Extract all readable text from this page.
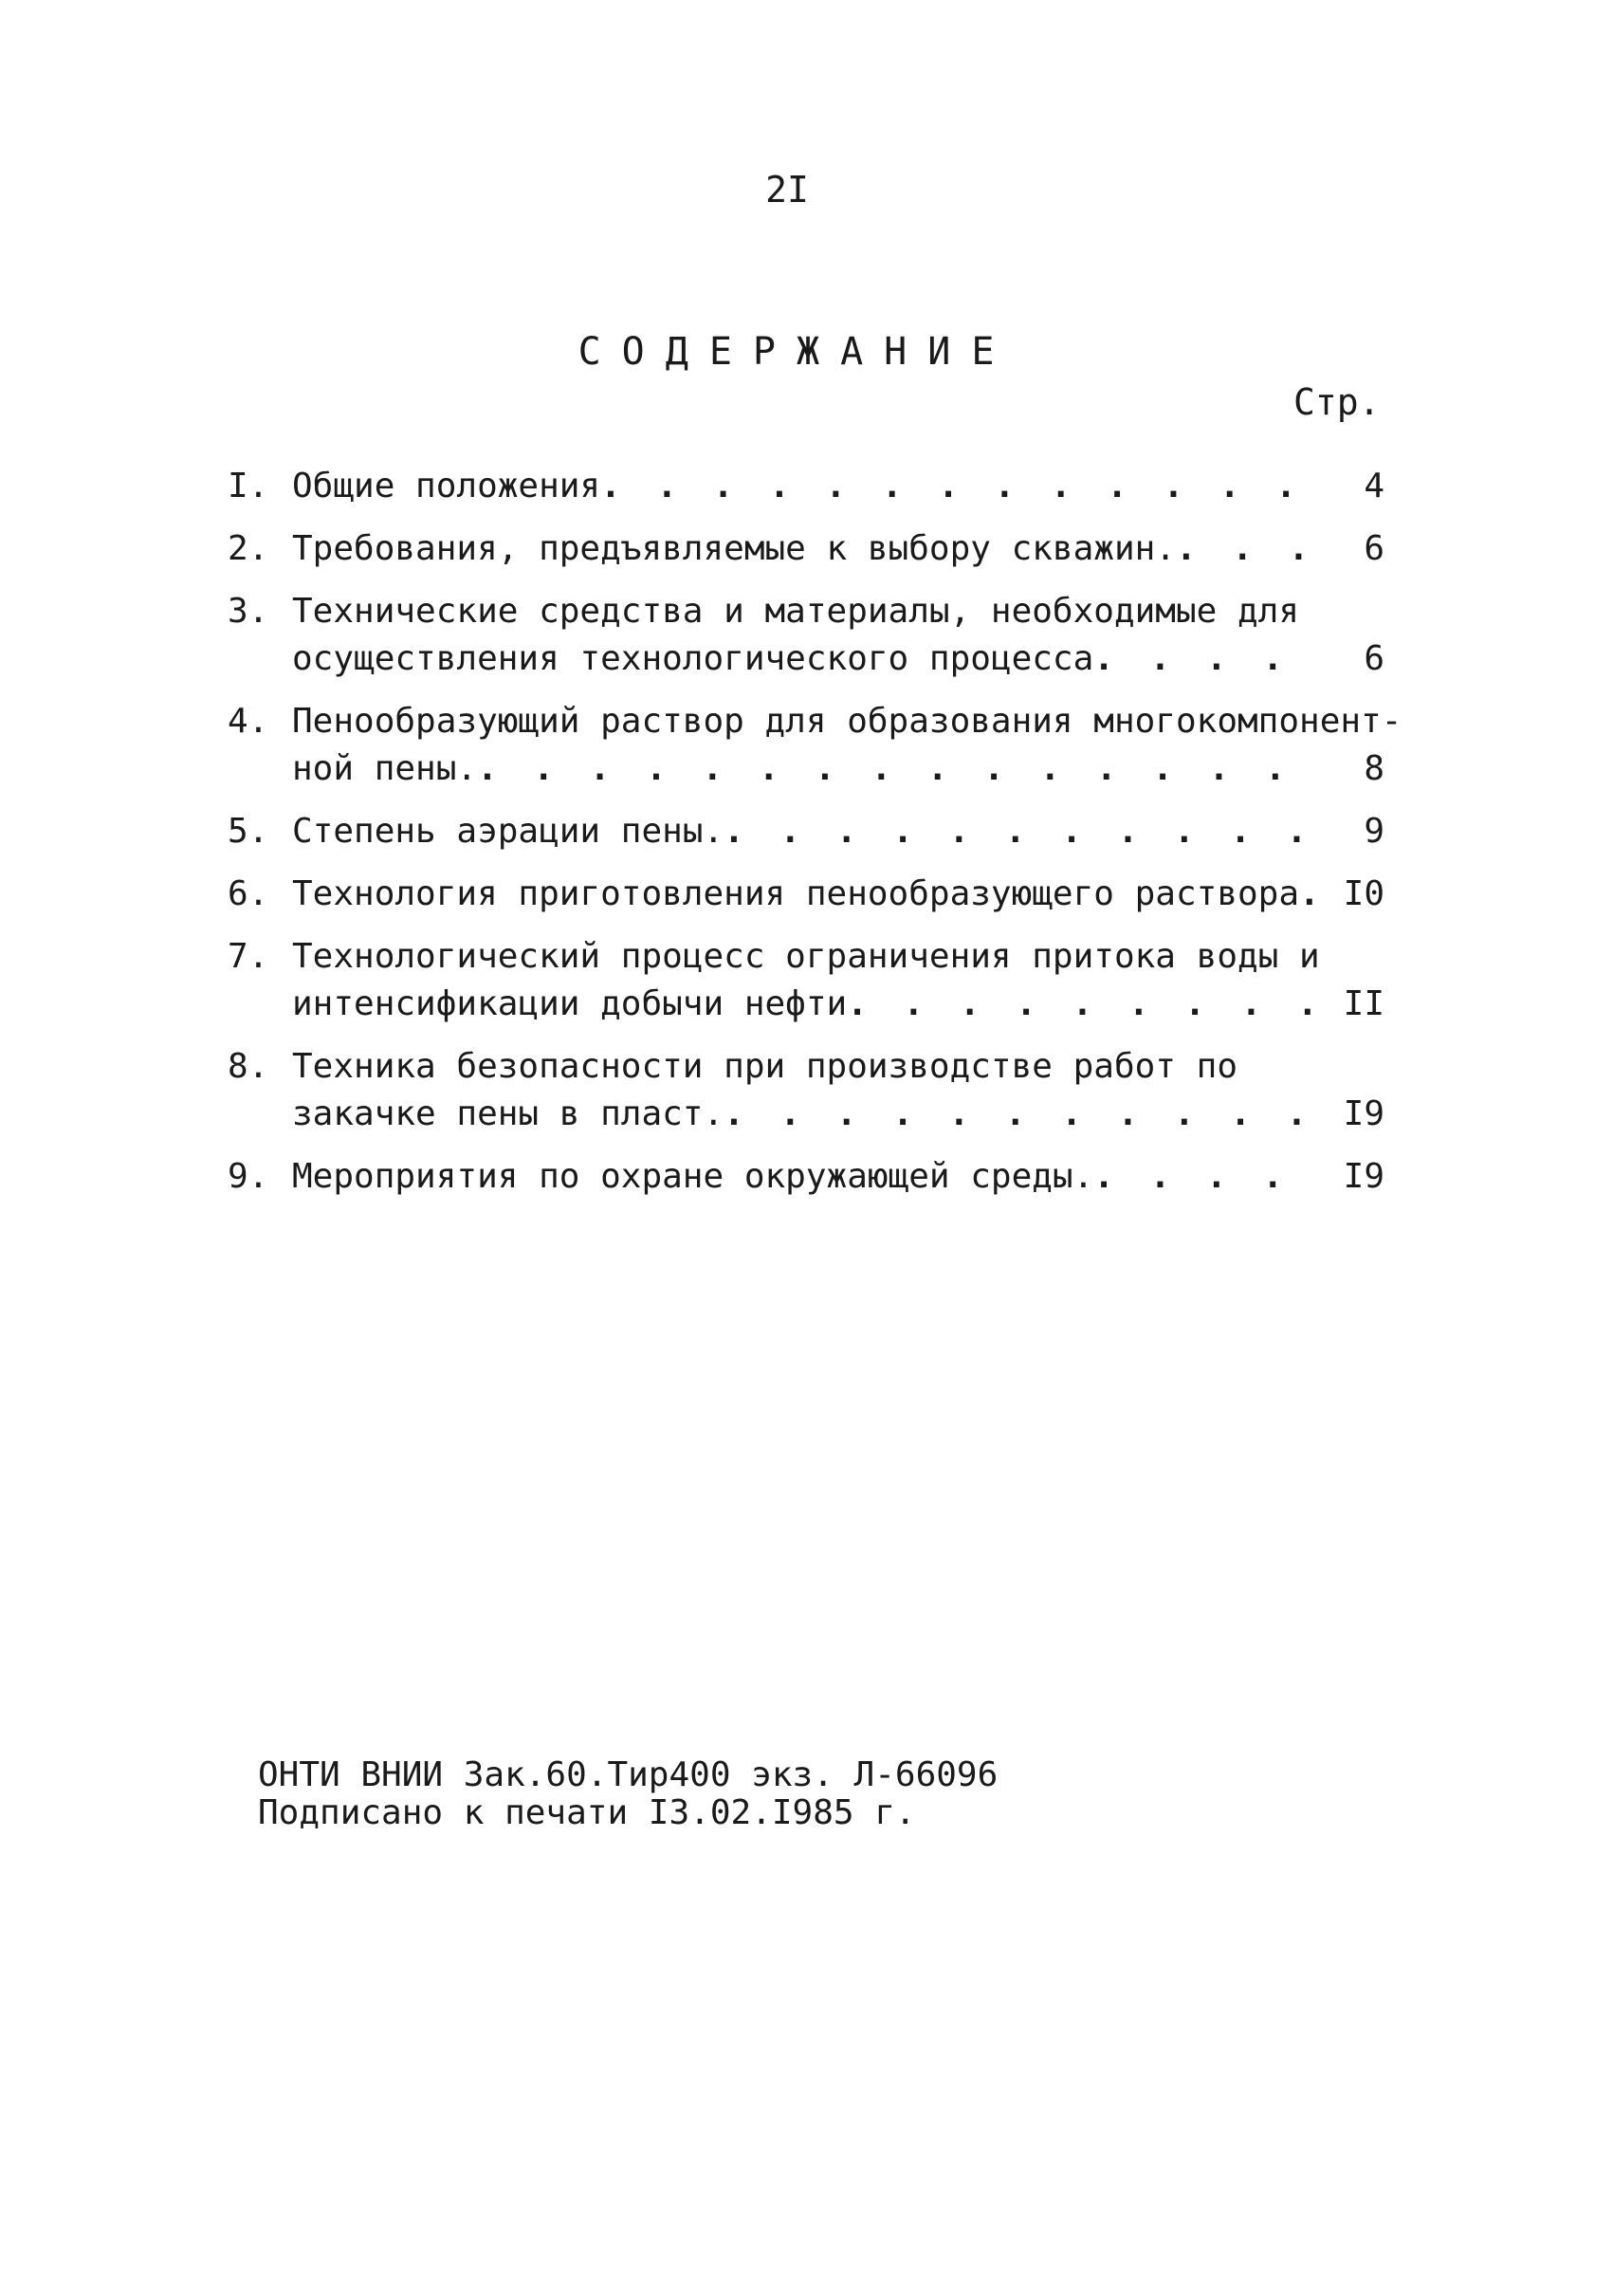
2I
СОДЕРЖАНИЕ
Стр.
I. Общие положения . . .	4
2. Требования, предъявляемые к выбору скважин. . . .	6
3. Технические средства и материалы, необходимые для
осуществления технологического процесса . . .	6
4. Пенообразующий раствор для образования многокомпонент-
ной пены. . . .	8
5. Степень аэрации пены. . . .	9
6. Технология приготовления пенообразующего раствора . . .	I0
7. Технологический процесс ограничения притока воды и
интенсификации добычи нефти . . .	II
8. Техника безопасности при производстве работ по
закачке пены в пласт. . . .	I9
9. Мероприятия по охране окружающей среды. . . .	I9
ОНТИ ВНИИ Зак.60.Тир400 экз. Л-66096
Подписано к печати I3.02.I985 г.
